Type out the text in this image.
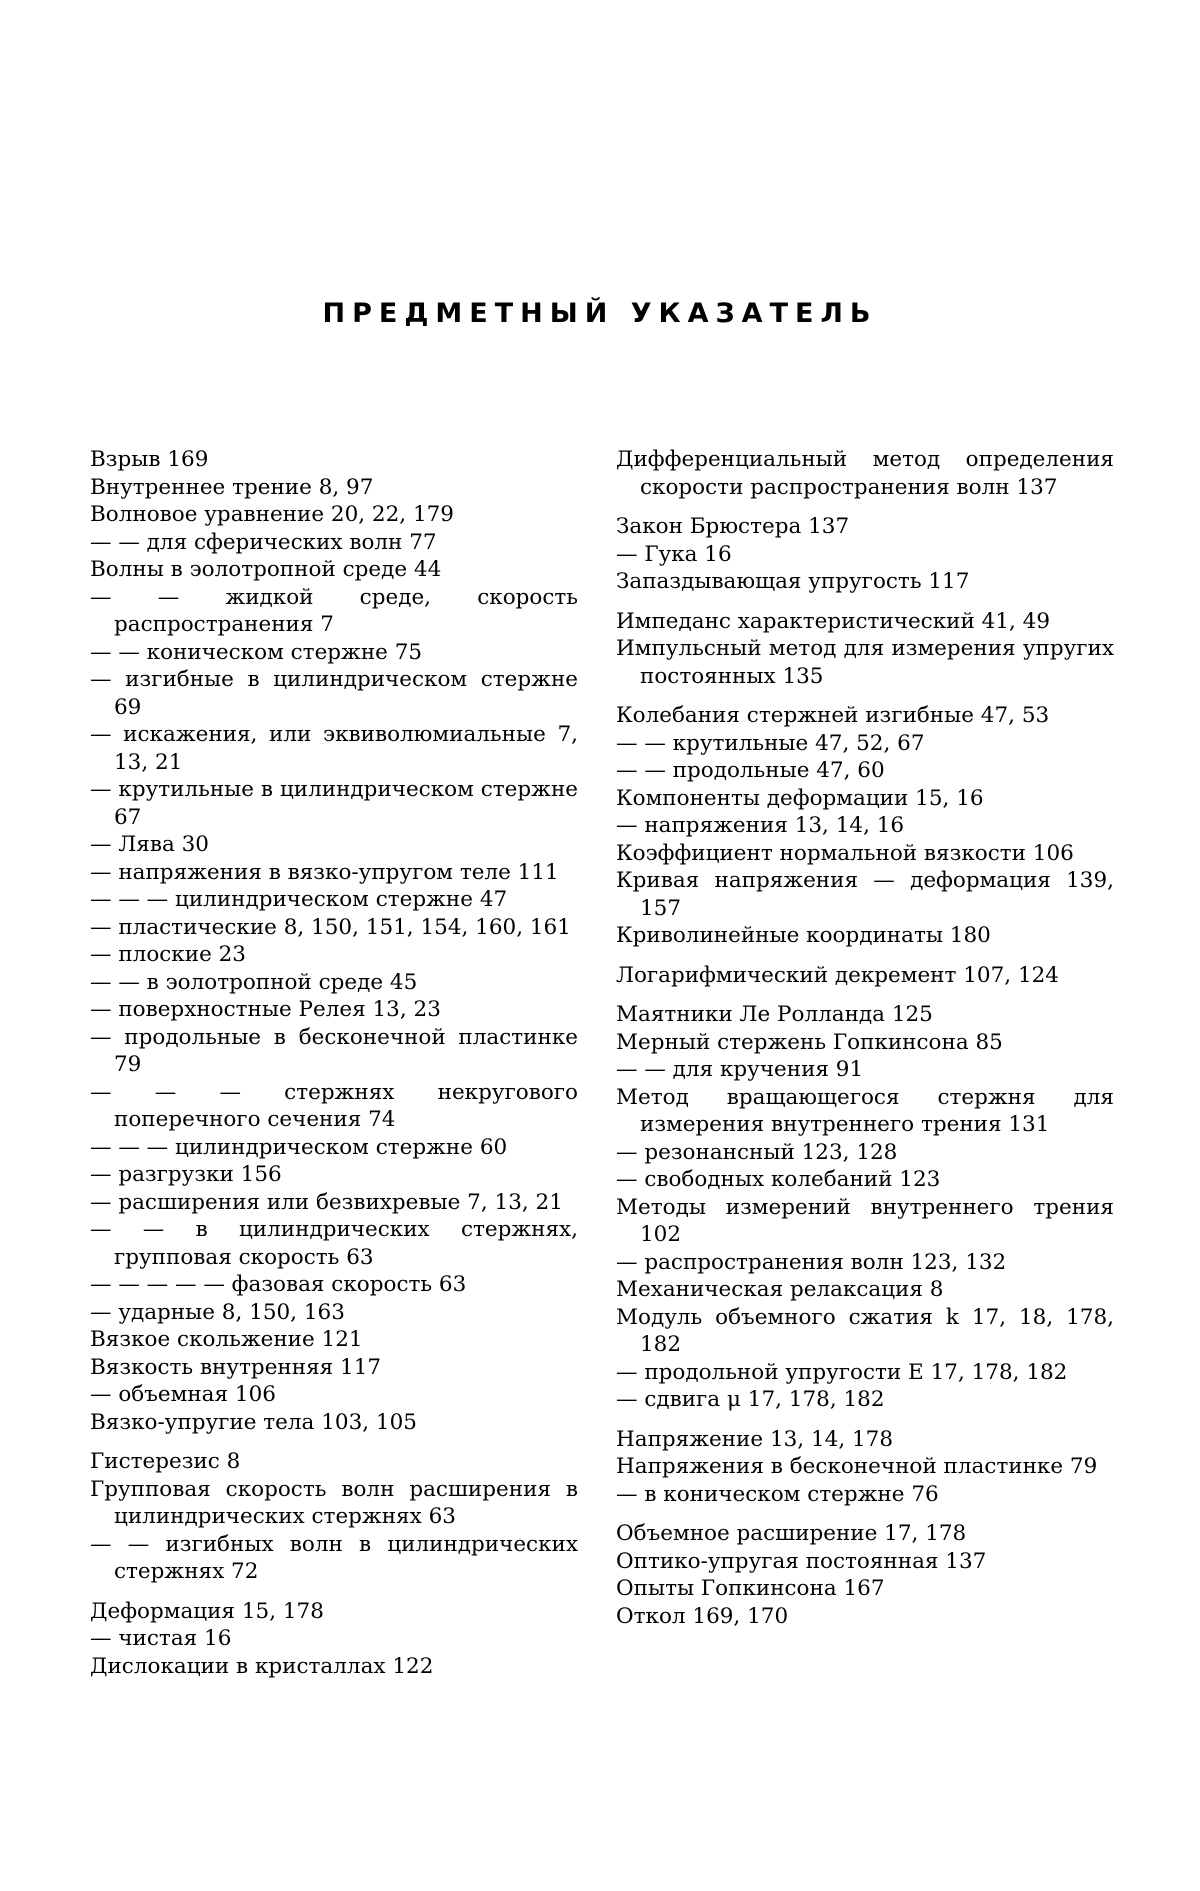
ПРЕДМЕТНЫЙ УКАЗАТЕЛЬ

Взрыв 169

Внутреннее трение 8, 97

Волновое уравнение 20, 22, 179

— — для сферических волн 77

Волны в эолотропной среде 44

— — жидкой среде, скорость распространения 7

— — коническом стержне 75

— изгибные в цилиндрическом стержне 69

— искажения, или эквиволюмиальные 7, 13, 21

— крутильные в цилиндрическом стержне 67

— Лява 30

— напряжения в вязко-упругом теле 111

— — — цилиндрическом стержне 47

— пластические 8, 150, 151, 154, 160, 161

— плоские 23

— — в эолотропной среде 45

— поверхностные Релея 13, 23

— продольные в бесконечной пластинке 79

— — — стержнях некругового поперечного сечения 74

— — — цилиндрическом стержне 60

— разгрузки 156

— расширения или безвихревые 7, 13, 21

— — в цилиндрических стержнях, групповая скорость 63

— — — — — фазовая скорость 63

— ударные 8, 150, 163

Вязкое скольжение 121

Вязкость внутренняя 117

— объемная 106

Вязко-упругие тела 103, 105

Гистерезис 8

Групповая скорость волн расширения в цилиндрических стержнях 63

— — изгибных волн в цилиндрических стержнях 72

Деформация 15, 178

— чистая 16

Дислокации в кристаллах 122

Дифференциальный метод определения скорости распространения волн 137

Закон Брюстера 137

— Гука 16

Запаздывающая упругость 117

Импеданс характеристический 41, 49

Импульсный метод для измерения упругих постоянных 135

Колебания стержней изгибные 47, 53

— — крутильные 47, 52, 67

— — продольные 47, 60

Компоненты деформации 15, 16

— напряжения 13, 14, 16

Коэффициент нормальной вязкости 106

Кривая напряжения — деформация 139, 157

Криволинейные координаты 180

Логарифмический декремент 107, 124

Маятники Ле Ролланда 125

Мерный стержень Гопкинсона 85

— — для кручения 91

Метод вращающегося стержня для измерения внутреннего трения 131

— резонансный 123, 128

— свободных колебаний 123

Методы измерений внутреннего трения 102

— распространения волн 123, 132

Механическая релаксация 8

Модуль объемного сжатия k 17, 18, 178, 182

— продольной упругости E 17, 178, 182

— сдвига μ 17, 178, 182

Напряжение 13, 14, 178

Напряжения в бесконечной пластинке 79

— в коническом стержне 76

Объемное расширение 17, 178

Оптико-упругая постоянная 137

Опыты Гопкинсона 167

Откол 169, 170
